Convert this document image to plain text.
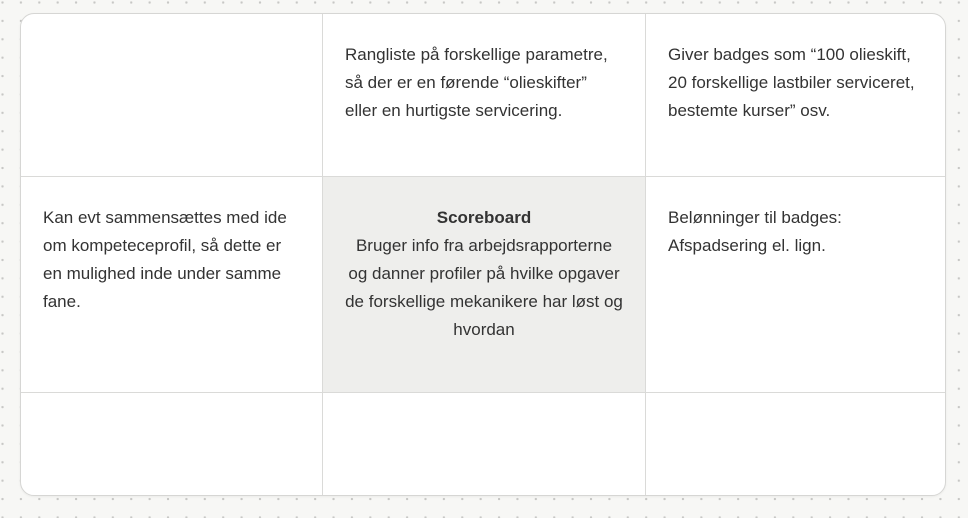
Rangliste på forskellige parametre, så der er en førende “olieskifter” eller en hurtigste servicering.
Giver badges som “100 olieskift, 20 forskellige lastbiler serviceret, bestemte kurser” osv.
Kan evt sammensættes med ide om kompeteceprofil, så dette er en mulighed inde under samme fane.
Scoreboard
Bruger info fra arbejdsrapporterne og danner profiler på hvilke opgaver de forskellige mekanikere har løst og hvordan
Belønninger til badges: Afspadsering el. lign.
